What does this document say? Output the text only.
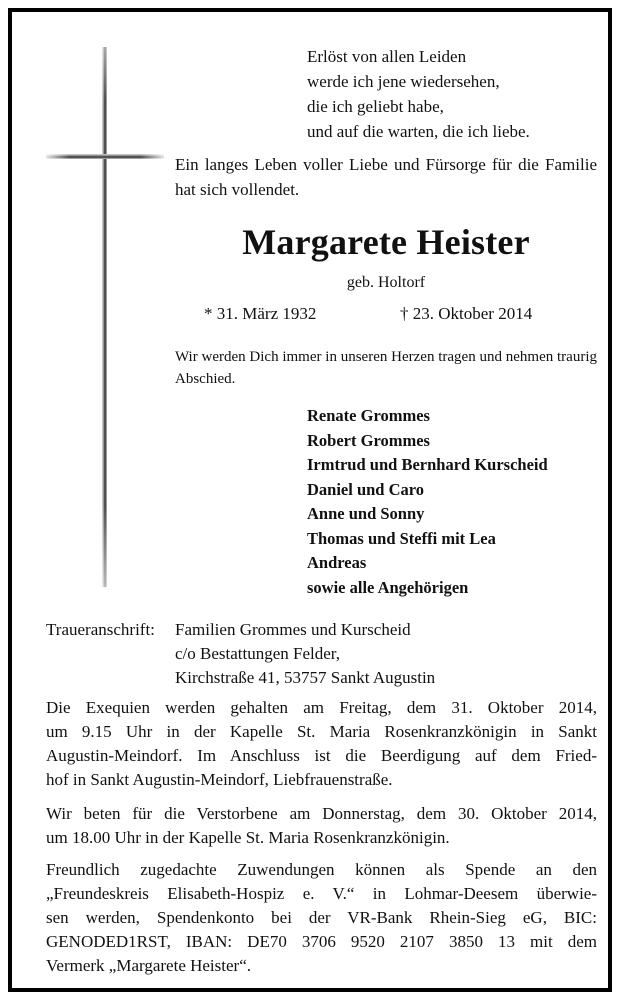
Erlöst von allen Leiden
werde ich jene wiedersehen,
die ich geliebt habe,
und auf die warten, die ich liebe.
Ein langes Leben voller Liebe und Fürsorge für die Familie hat sich vollendet.
Margarete Heister
geb. Holtorf
* 31. März 1932	† 23. Oktober 2014
Wir werden Dich immer in unseren Herzen tragen und nehmen traurig Abschied.
Renate Grommes
Robert Grommes
Irmtrud und Bernhard Kurscheid
Daniel und Caro
Anne und Sonny
Thomas und Steffi mit Lea
Andreas
sowie alle Angehörigen
Traueranschrift: Familien Grommes und Kurscheid
c/o Bestattungen Felder,
Kirchstraße 41, 53757 Sankt Augustin
Die Exequien werden gehalten am Freitag, dem 31. Oktober 2014,
um 9.15 Uhr in der Kapelle St. Maria Rosenkranzkönigin in Sankt
Augustin-Meindorf. Im Anschluss ist die Beerdigung auf dem Fried-
hof in Sankt Augustin-Meindorf, Liebfrauenstraße.
Wir beten für die Verstorbene am Donnerstag, dem 30. Oktober 2014,
um 18.00 Uhr in der Kapelle St. Maria Rosenkranzkönigin.
Freundlich zugedachte Zuwendungen können als Spende an den
„Freundeskreis Elisabeth-Hospiz e. V.“ in Lohmar-Deesem überwie-
sen werden, Spendenkonto bei der VR-Bank Rhein-Sieg eG, BIC:
GENODED1RST, IBAN: DE70 3706 9520 2107 3850 13 mit dem
Vermerk „Margarete Heister“.
